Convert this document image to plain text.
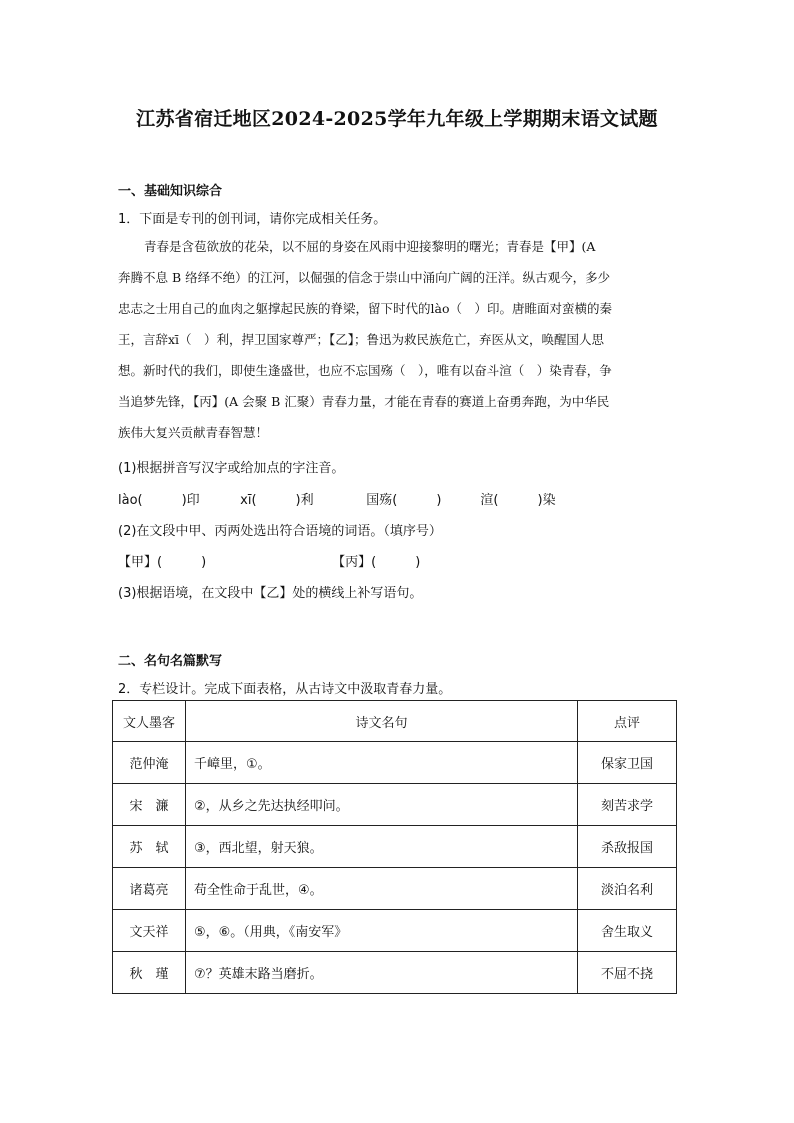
江苏省宿迁地区2024-2025学年九年级上学期期末语文试题
一、基础知识综合
1．下面是专刊的创刊词，请你完成相关任务。
青春是含苞欲放的花朵，以不屈的身姿在风雨中迎接黎明的曙光；青春是【甲】(A
奔腾不息 B 络绎不绝）的江河，以倔强的信念于崇山中涌向广阔的汪洋。纵古观今，多少
忠志之士用自己的血肉之躯撑起民族的脊梁，留下时代的lào（　）印。唐睢面对蛮横的秦
王，言辞xī（　）利，捍卫国家尊严；【乙】；鲁迅为救民族危亡，弃医从文，唤醒国人思
想。新时代的我们，即使生逢盛世，也应不忘国殇（　），唯有以奋斗渲（　）染青春，争
当追梦先锋，【丙】(A 会聚 B 汇聚）青春力量，才能在青春的赛道上奋勇奔跑，为中华民
族伟大复兴贡献青春智慧！
(1)根据拼音写汉字或给加点的字注音。
lào(　　　)印	xī(　　　)利	国殇(　　　)	渲(　　　)染
(2)在文段中甲、丙两处选出符合语境的词语。（填序号）
【甲】(　　　)	【丙】(　　　)
(3)根据语境，在文段中【乙】处的横线上补写语句。
二、名句名篇默写
2．专栏设计。完成下面表格，从古诗文中汲取青春力量。
文人墨客	诗文名句	点评
范仲淹	千嶂里，①。	保家卫国
宋　濂	②，从乡之先达执经叩问。	刻苦求学
苏　轼	③，西北望，射天狼。	杀敌报国
诸葛亮	苟全性命于乱世，④。	淡泊名利
文天祥	⑤，⑥。（用典，《南安军》	舍生取义
秋　瑾	⑦？英雄末路当磨折。	不屈不挠
